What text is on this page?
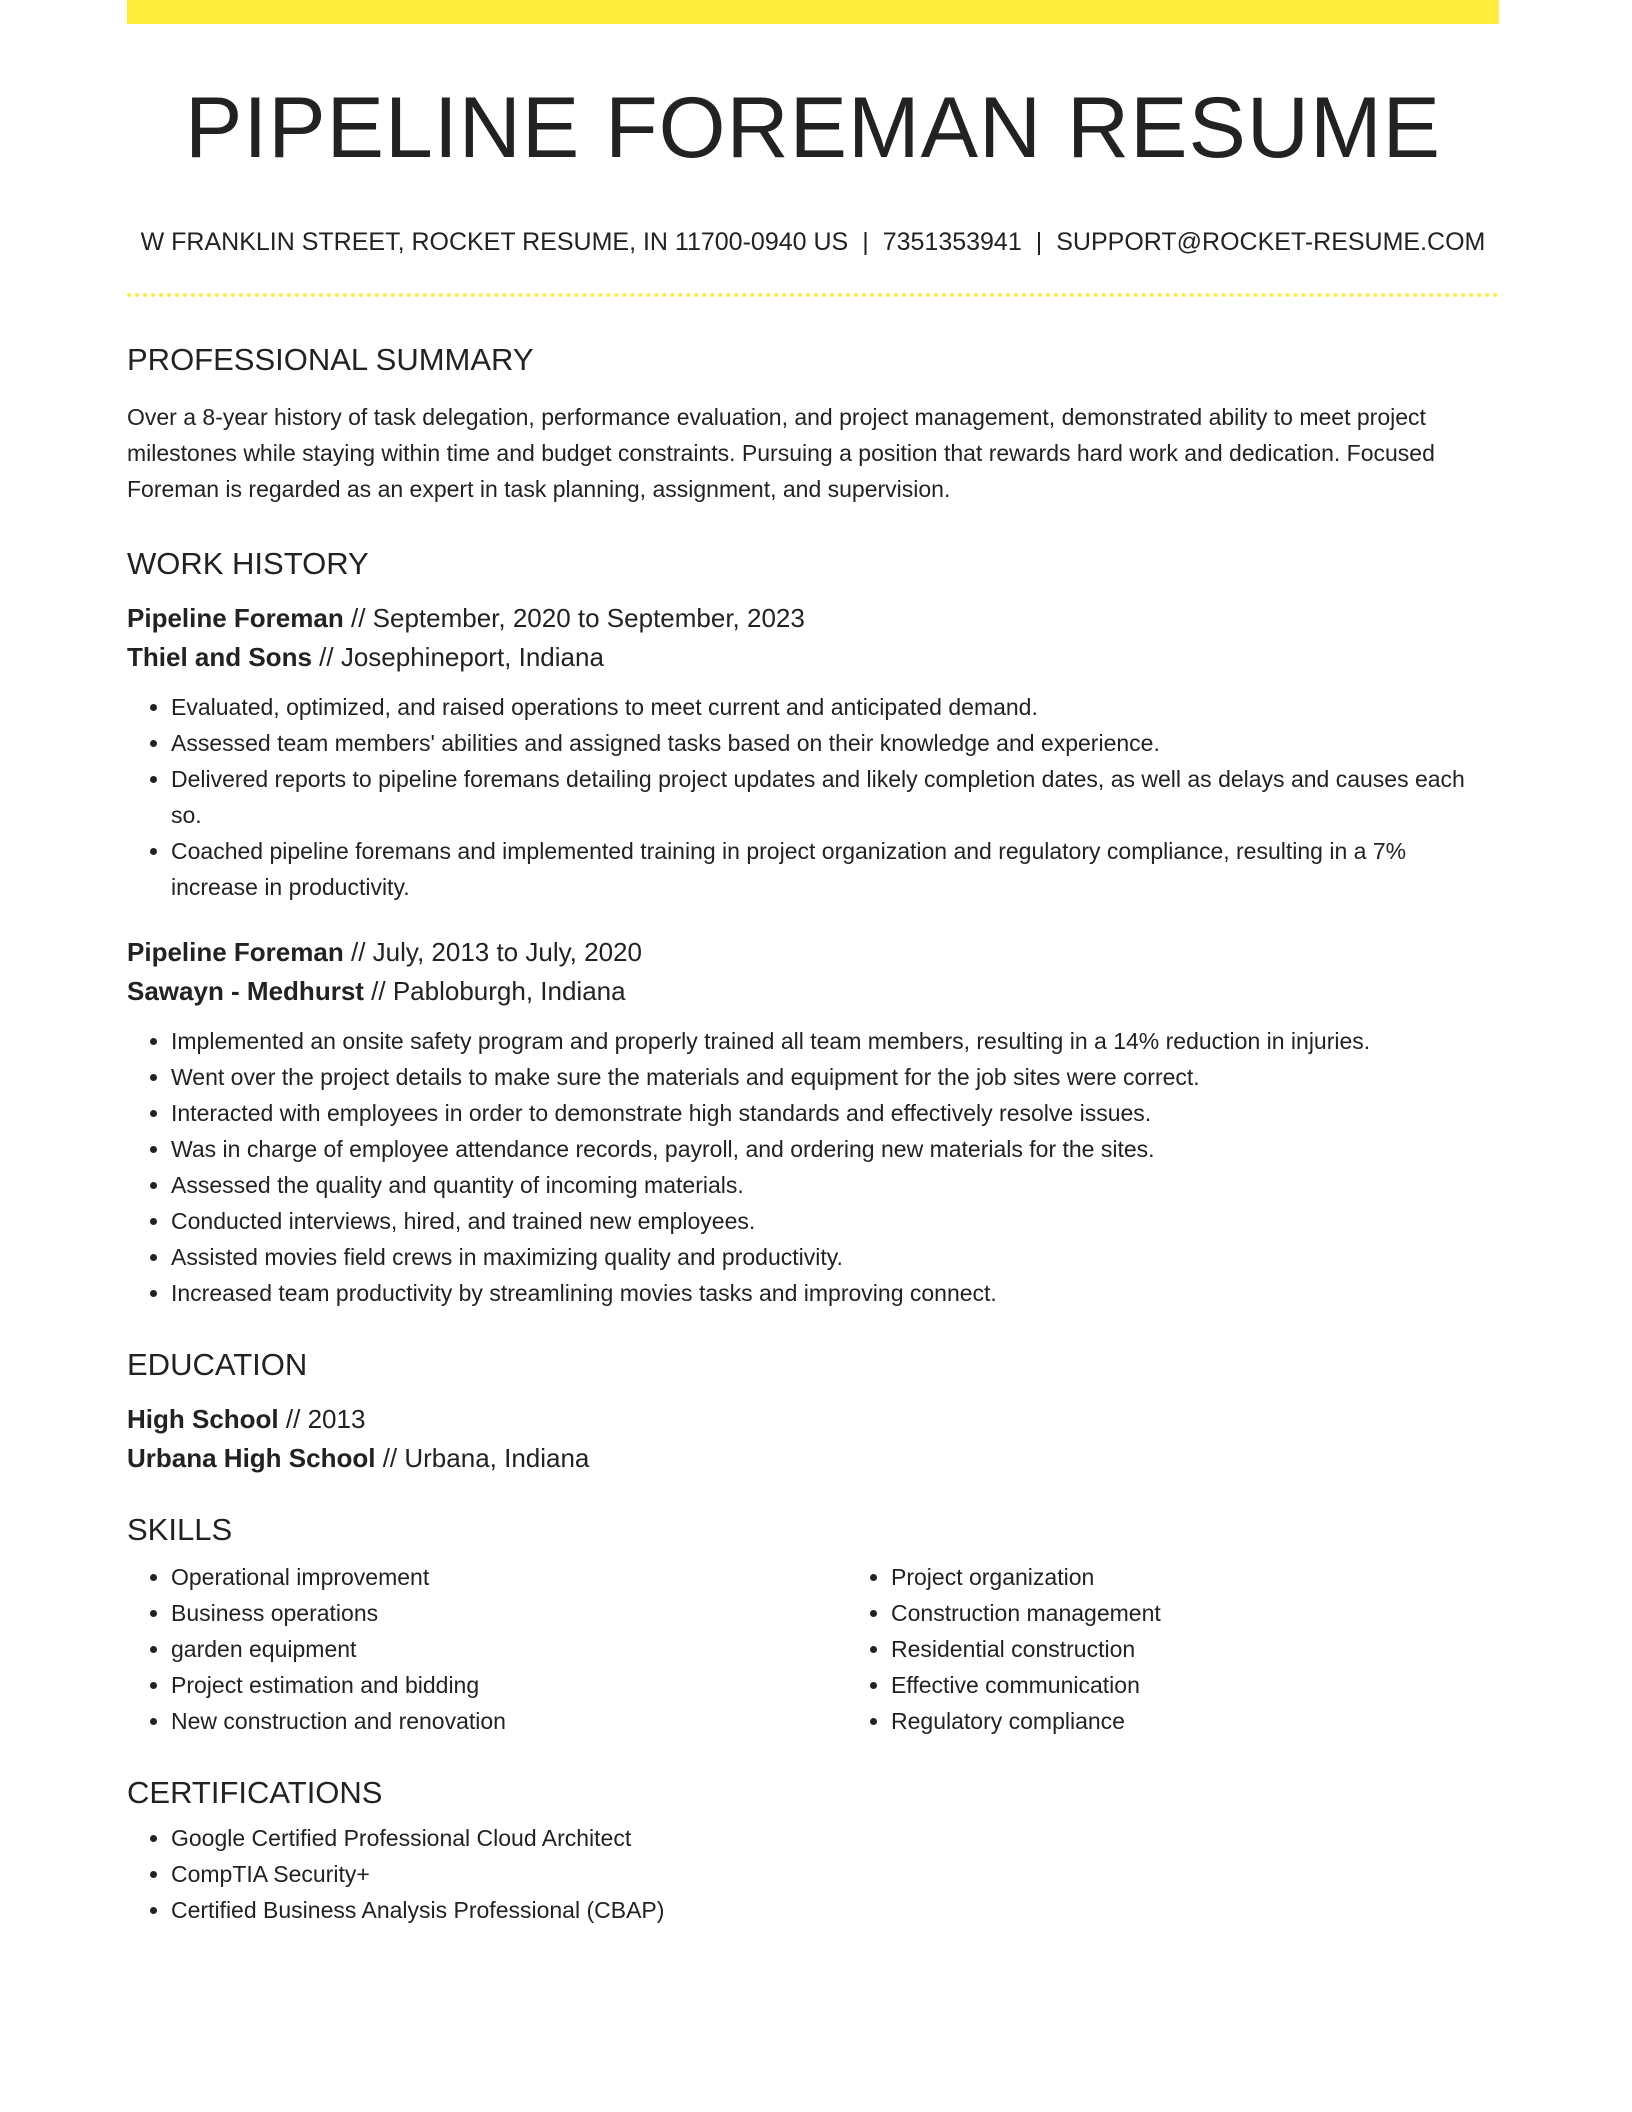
PIPELINE FOREMAN RESUME
W FRANKLIN STREET, ROCKET RESUME, IN 11700-0940 US | 7351353941 | SUPPORT@ROCKET-RESUME.COM
PROFESSIONAL SUMMARY

Over a 8-year history of task delegation, performance evaluation, and project management, demonstrated ability to meet project milestones while staying within time and budget constraints. Pursuing a position that rewards hard work and dedication. Focused Foreman is regarded as an expert in task planning, assignment, and supervision.

WORK HISTORY

Pipeline Foreman // September, 2020 to September, 2023

Thiel and Sons // Josephineport, Indiana

• Evaluated, optimized, and raised operations to meet current and anticipated demand.
• Assessed team members' abilities and assigned tasks based on their knowledge and experience.
• Delivered reports to pipeline foremans detailing project updates and likely completion dates, as well as delays and causes each so.
• Coached pipeline foremans and implemented training in project organization and regulatory compliance, resulting in a 7% increase in productivity.

Pipeline Foreman // July, 2013 to July, 2020

Sawayn - Medhurst // Pabloburgh, Indiana

• Implemented an onsite safety program and properly trained all team members, resulting in a 14% reduction in injuries.
• Went over the project details to make sure the materials and equipment for the job sites were correct.
• Interacted with employees in order to demonstrate high standards and effectively resolve issues.
• Was in charge of employee attendance records, payroll, and ordering new materials for the sites.
• Assessed the quality and quantity of incoming materials.
• Conducted interviews, hired, and trained new employees.
• Assisted movies field crews in maximizing quality and productivity.
• Increased team productivity by streamlining movies tasks and improving connect.
EDUCATION

High School // 2013

Urbana High School // Urbana, Indiana

SKILLS
• Operational improvement
• Business operations
• garden equipment
• Project estimation and bidding
• New construction and renovation
• Project organization
• Construction management
• Residential construction
• Effective communication
• Regulatory compliance
CERTIFICATIONS
• Google Certified Professional Cloud Architect
• CompTIA Security+
• Certified Business Analysis Professional (CBAP)
